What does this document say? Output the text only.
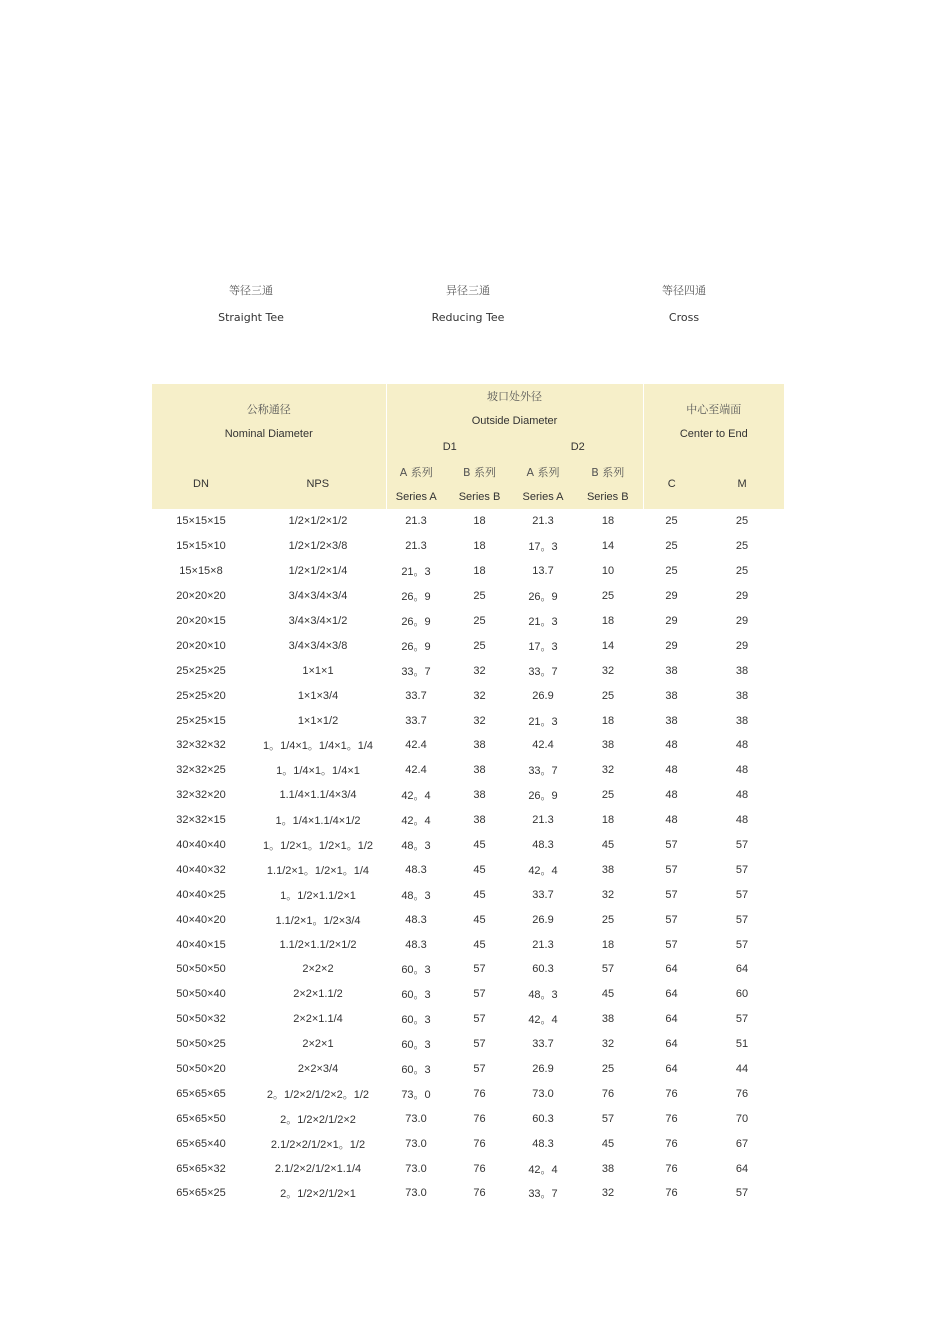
等径三通
Straight Tee
异径三通
Reducing Tee
等径四通
Cross
公称通径
Nominal Diameter		坡口处外径
Outside Diameter				中心至端面
Center to End	

		D1		D2			
DN	NPS	A 系列	B 系列	A 系列	B 系列	C	M
		Series A	Series B	Series A	Series B		
15×15×15	1/2×1/2×1/2	21.3	18	21.3	18	25	25
15×15×10	1/2×1/2×3/8	21.3	18	17。3	14	25	25
15×15×8	1/2×1/2×1/4	21。3	18	13.7	10	25	25
20×20×20	3/4×3/4×3/4	26。9	25	26。9	25	29	29
20×20×15	3/4×3/4×1/2	26。9	25	21。3	18	29	29
20×20×10	3/4×3/4×3/8	26。9	25	17。3	14	29	29
25×25×25	1×1×1	33。7	32	33。7	32	38	38
25×25×20	1×1×3/4	33.7	32	26.9	25	38	38
25×25×15	1×1×1/2	33.7	32	21。3	18	38	38
32×32×32	1。1/4×1。1/4×1。1/4	42.4	38	42.4	38	48	48
32×32×25	1。1/4×1。1/4×1	42.4	38	33。7	32	48	48
32×32×20	1.1/4×1.1/4×3/4	42。4	38	26。9	25	48	48
32×32×15	1。1/4×1.1/4×1/2	42。4	38	21.3	18	48	48
40×40×40	1。1/2×1。1/2×1。1/2	48。3	45	48.3	45	57	57
40×40×32	1.1/2×1。1/2×1。1/4	48.3	45	42。4	38	57	57
40×40×25	1。1/2×1.1/2×1	48。3	45	33.7	32	57	57
40×40×20	1.1/2×1。1/2×3/4	48.3	45	26.9	25	57	57
40×40×15	1.1/2×1.1/2×1/2	48.3	45	21.3	18	57	57
50×50×50	2×2×2	60。3	57	60.3	57	64	64
50×50×40	2×2×1.1/2	60。3	57	48。3	45	64	60
50×50×32	2×2×1.1/4	60。3	57	42。4	38	64	57
50×50×25	2×2×1	60。3	57	33.7	32	64	51
50×50×20	2×2×3/4	60。3	57	26.9	25	64	44
65×65×65	2。1/2×2/1/2×2。1/2	73。0	76	73.0	76	76	76
65×65×50	2。1/2×2/1/2×2	73.0	76	60.3	57	76	70
65×65×40	2.1/2×2/1/2×1。1/2	73.0	76	48.3	45	76	67
65×65×32	2.1/2×2/1/2×1.1/4	73.0	76	42。4	38	76	64
65×65×25	2。1/2×2/1/2×1	73.0	76	33。7	32	76	57
